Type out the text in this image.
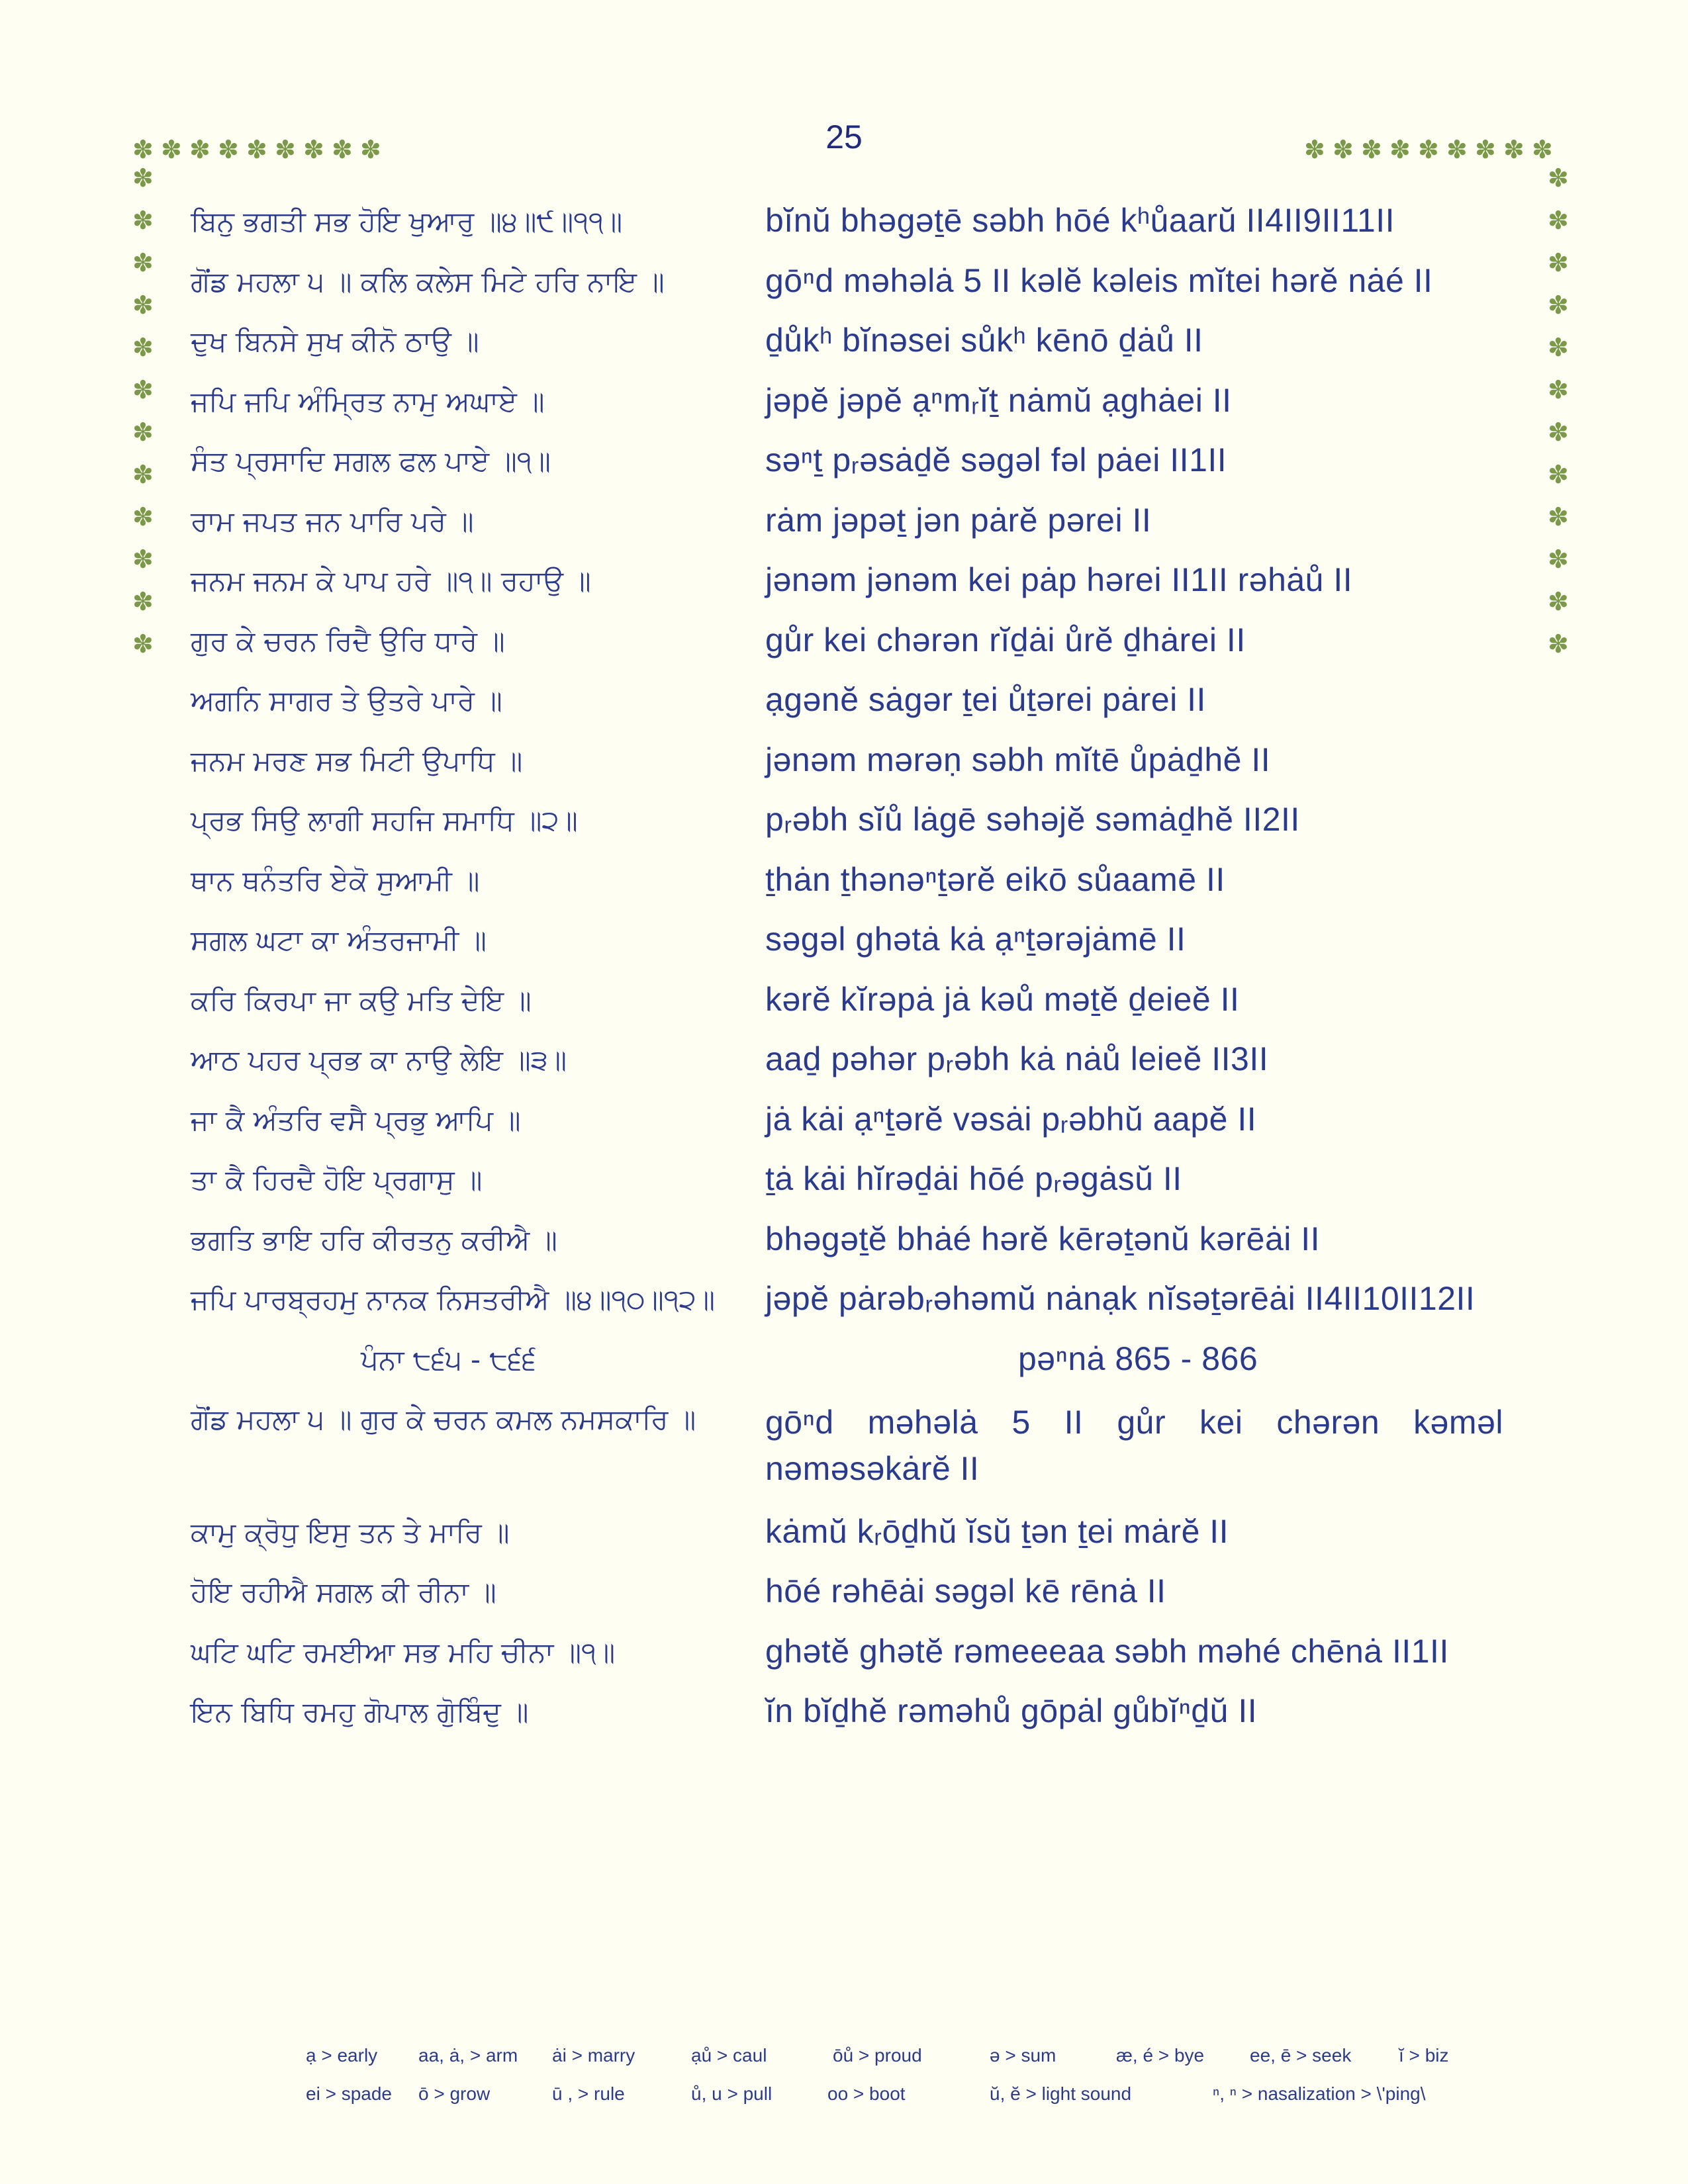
25
✽ ✽ ✽ ✽ ✽ ✽ ✽ ✽ ✽	✽ ✽ ✽ ✽ ✽ ✽ ✽ ✽ ✽
✽
✽
✽
✽
✽
✽
✽
✽
✽
✽
✽
✽
✽
✽
✽
✽
✽
✽
✽
✽
✽
✽
✽
✽
ਬਿਨੁ ਭਗਤੀ ਸਭ ਹੋਇ ਖੁਆਰੁ ॥੪॥੯॥੧੧॥	bĭnŭ bhəgəṯē səbh hōé kʰůaarŭ II4II9II11II
ਗੋਂਡ ਮਹਲਾ ੫ ॥ ਕਲਿ ਕਲੇਸ ਮਿਟੇ ਹਰਿ ਨਾਇ ॥	gōⁿd məhəlȧ 5 II kəlĕ kəleis mĭtei hərĕ nȧé II
ਦੁਖ ਬਿਨਸੇ ਸੁਖ ਕੀਨੋ ਠਾਉ ॥	ḏůkʰ bĭnəsei sůkʰ kēnō ḏȧů II
ਜਪਿ ਜਪਿ ਅੰਮ੍ਰਿਤ ਨਾਮੁ ਅਘਾਏ ॥	jəpĕ jəpĕ ạⁿmᵣĭṯ nȧmŭ ạghȧei II
ਸੰਤ ਪ੍ਰਸਾਦਿ ਸਗਲ ਫਲ ਪਾਏ ॥੧॥	səⁿṯ pᵣəsȧḏĕ səgəl fəl pȧei II1II
ਰਾਮ ਜਪਤ ਜਨ ਪਾਰਿ ਪਰੇ ॥	rȧm jəpəṯ jən pȧrĕ pərei II
ਜਨਮ ਜਨਮ ਕੇ ਪਾਪ ਹਰੇ ॥੧॥ ਰਹਾਉ ॥	jənəm jənəm kei pȧp hərei II1II rəhȧů II
ਗੁਰ ਕੇ ਚਰਨ ਰਿਦੈ ਉਰਿ ਧਾਰੇ ॥	gůr kei chərən rĭḏȧi ůrĕ ḏhȧrei II
ਅਗਨਿ ਸਾਗਰ ਤੇ ਉਤਰੇ ਪਾਰੇ ॥	ạgənĕ sȧgər ṯei ůṯərei pȧrei II
ਜਨਮ ਮਰਣ ਸਭ ਮਿਟੀ ਉਪਾਧਿ ॥	jənəm mərəṇ səbh mĭtē ůpȧḏhĕ II
ਪ੍ਰਭ ਸਿਉ ਲਾਗੀ ਸਹਜਿ ਸਮਾਧਿ ॥੨॥	pᵣəbh sĭů lȧgē səhəjĕ səmȧḏhĕ II2II
ਥਾਨ ਥਨੰਤਰਿ ਏਕੋ ਸੁਆਮੀ ॥	ṯhȧn ṯhənəⁿṯərĕ eikō sůaamē II
ਸਗਲ ਘਟਾ ਕਾ ਅੰਤਰਜਾਮੀ ॥	səgəl ghətȧ kȧ ạⁿṯərəjȧmē II
ਕਰਿ ਕਿਰਪਾ ਜਾ ਕਉ ਮਤਿ ਦੇਇ ॥	kərĕ kĭrəpȧ jȧ kəů məṯĕ ḏeieĕ II
ਆਠ ਪਹਰ ਪ੍ਰਭ ਕਾ ਨਾਉ ਲੇਇ ॥੩॥	aaḏ pəhər pᵣəbh kȧ nȧů leieĕ II3II
ਜਾ ਕੈ ਅੰਤਰਿ ਵਸੈ ਪ੍ਰਭੁ ਆਪਿ ॥	jȧ kȧi ạⁿṯərĕ vəsȧi pᵣəbhŭ aapĕ II
ਤਾ ਕੈ ਹਿਰਦੈ ਹੋਇ ਪ੍ਰਗਾਸੁ ॥	ṯȧ kȧi hĭrəḏȧi hōé pᵣəgȧsŭ II
ਭਗਤਿ ਭਾਇ ਹਰਿ ਕੀਰਤਨੁ ਕਰੀਐ ॥	bhəgəṯĕ bhȧé hərĕ kērəṯənŭ kərēȧi II
ਜਪਿ ਪਾਰਬ੍ਰਹਮੁ ਨਾਨਕ ਨਿਸਤਰੀਐ ॥੪॥੧੦॥੧੨॥	jəpĕ pȧrəbᵣəhəmŭ nȧnạk nĭsəṯərēȧi II4II10II12II
ਪੰਨਾ ੮੬੫ - ੮੬੬	pəⁿnȧ 865 - 866
ਗੋਂਡ ਮਹਲਾ ੫ ॥ ਗੁਰ ਕੇ ਚਰਨ ਕਮਲ ਨਮਸਕਾਰਿ ॥	gōⁿd məhəlȧ 5 II gůr kei chərən kəməl nəməsəkȧrĕ II
ਕਾਮੁ ਕ੍ਰੋਧੁ ਇਸੁ ਤਨ ਤੇ ਮਾਰਿ ॥	kȧmŭ kᵣōḏhŭ ĭsŭ ṯən ṯei mȧrĕ II
ਹੋਇ ਰਹੀਐ ਸਗਲ ਕੀ ਰੀਨਾ ॥	hōé rəhēȧi səgəl kē rēnȧ II
ਘਟਿ ਘਟਿ ਰਮਈਆ ਸਭ ਮਹਿ ਚੀਨਾ ॥੧॥	ghətĕ ghətĕ rəmeeeaa səbh məhé chēnȧ II1II
ਇਨ ਬਿਧਿ ਰਮਹੁ ਗੋਪਾਲ ਗੋੁਬਿੰਦੁ ॥	ĭn bĭḏhĕ rəməhů gōpȧl gůbĭⁿḏŭ II
ạ > early aa, ȧ, > arm ȧi > marry	ạů > caul	ōů > proud	ə > sum	æ, é > bye ee, ē > seek	ĭ > biz
ei > spade ō > grow	ū , > rule	ů, u > pull	oo > boot	ŭ, ĕ > light sound	ⁿ, ⁿ > nasalization > \'ping\
